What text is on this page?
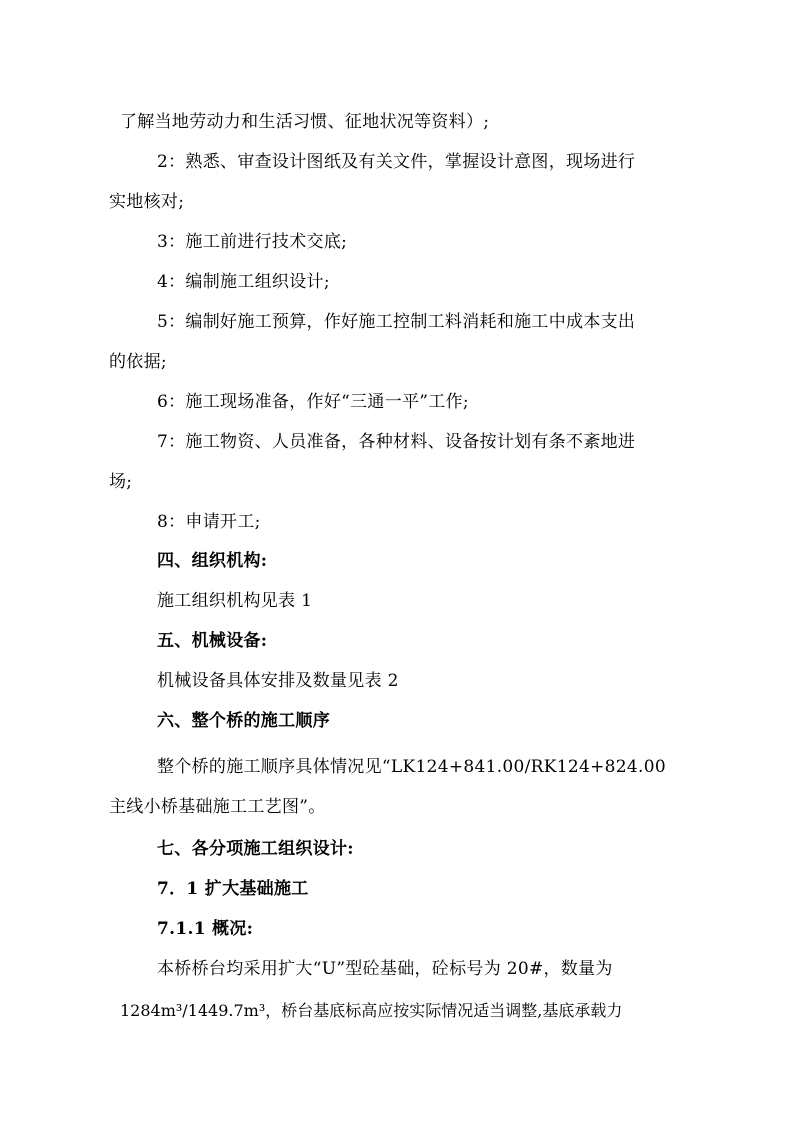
了解当地劳动力和生活习惯、征地状况等资料）;
2：熟悉、审查设计图纸及有关文件，掌握设计意图，现场进行
实地核对;
3：施工前进行技术交底;
4：编制施工组织设计;
5：编制好施工预算，作好施工控制工料消耗和施工中成本支出
的依据;
6：施工现场准备，作好“三通一平”工作;
7：施工物资、人员准备，各种材料、设备按计划有条不紊地进
场;
8：申请开工;
四、组织机构:
施工组织机构见表 1
五、机械设备:
机械设备具体安排及数量见表 2
六、整个桥的施工顺序
整个桥的施工顺序具体情况见“LK124+841.00/RK124+824.00
主线小桥基础施工工艺图”。
七、各分项施工组织设计:
7．1 扩大基础施工
7.1.1 概况:
本桥桥台均采用扩大“U”型砼基础，砼标号为 20#，数量为
1284m³/1449.7m³，桥台基底标高应按实际情况适当调整,基底承载力
